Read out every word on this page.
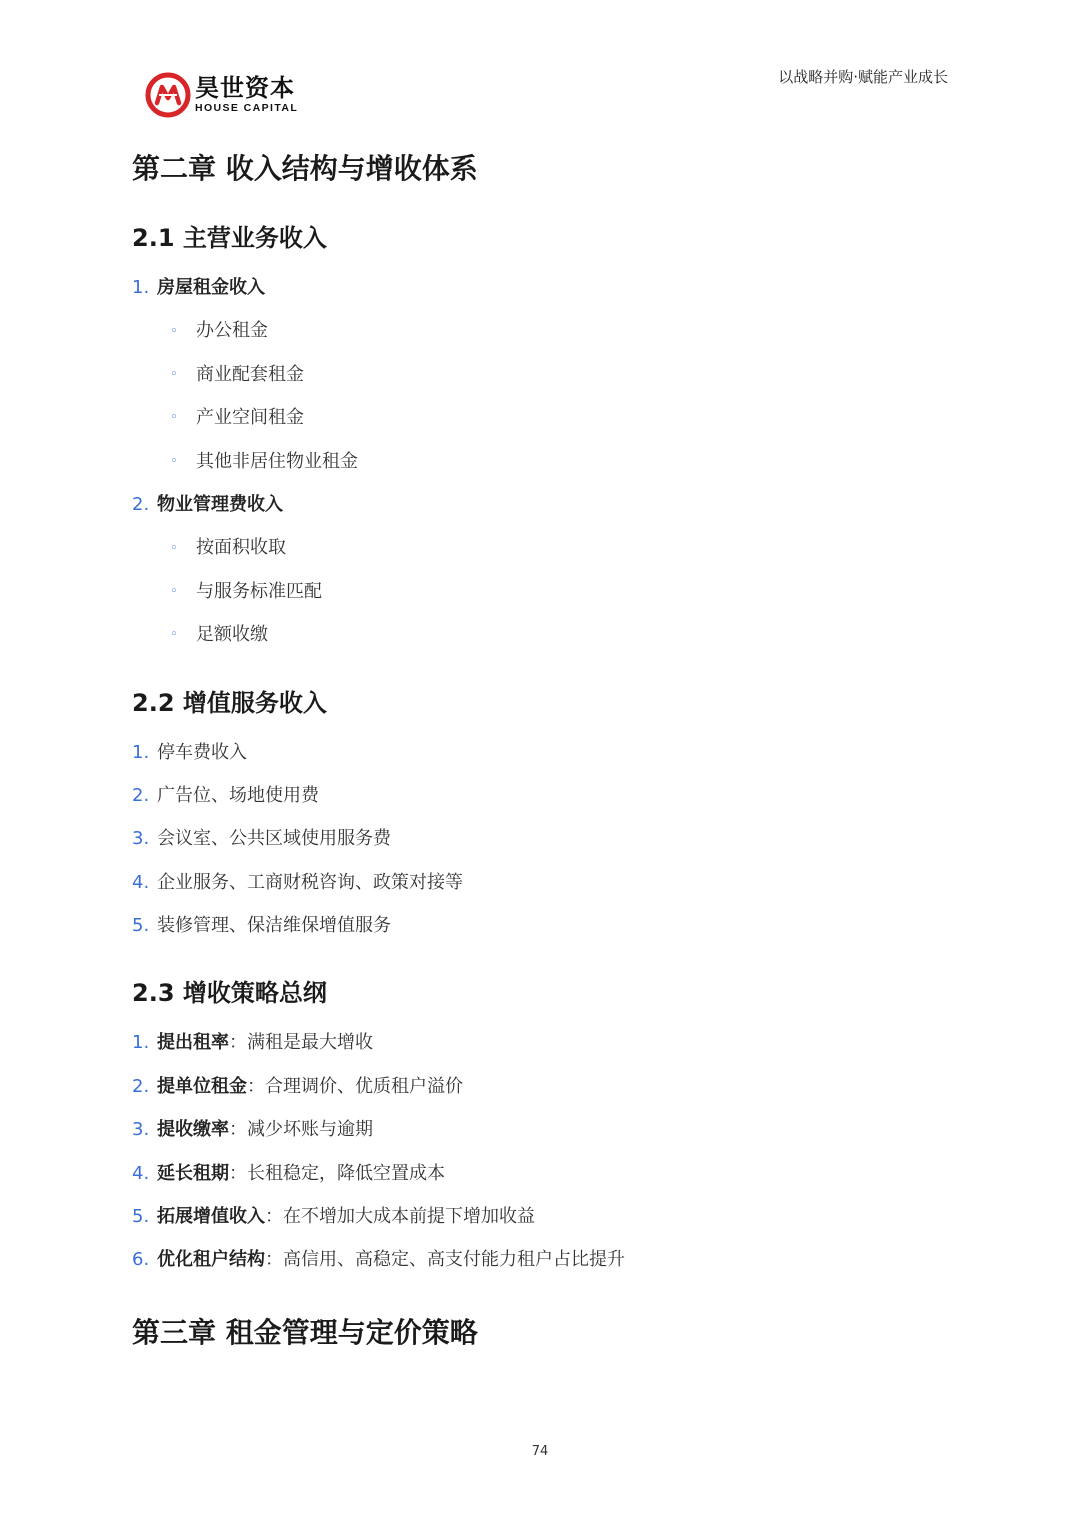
昊世资本
HOUSE CAPITAL
以战略并购·赋能产业成长
第二章 收入结构与增收体系
2.1 主营业务收入
1. 房屋租金收入
◦ 办公租金
◦ 商业配套租金
◦ 产业空间租金
◦ 其他非居住物业租金
2. 物业管理费收入
◦ 按面积收取
◦ 与服务标准匹配
◦ 足额收缴
2.2 增值服务收入
1. 停车费收入
2. 广告位、场地使用费
3. 会议室、公共区域使用服务费
4. 企业服务、工商财税咨询、政策对接等
5. 装修管理、保洁维保增值服务
2.3 增收策略总纲
1. 提出租率：满租是最大增收
2. 提单位租金：合理调价、优质租户溢价
3. 提收缴率：减少坏账与逾期
4. 延长租期：长租稳定，降低空置成本
5. 拓展增值收入：在不增加大成本前提下增加收益
6. 优化租户结构：高信用、高稳定、高支付能力租户占比提升
第三章 租金管理与定价策略
74
